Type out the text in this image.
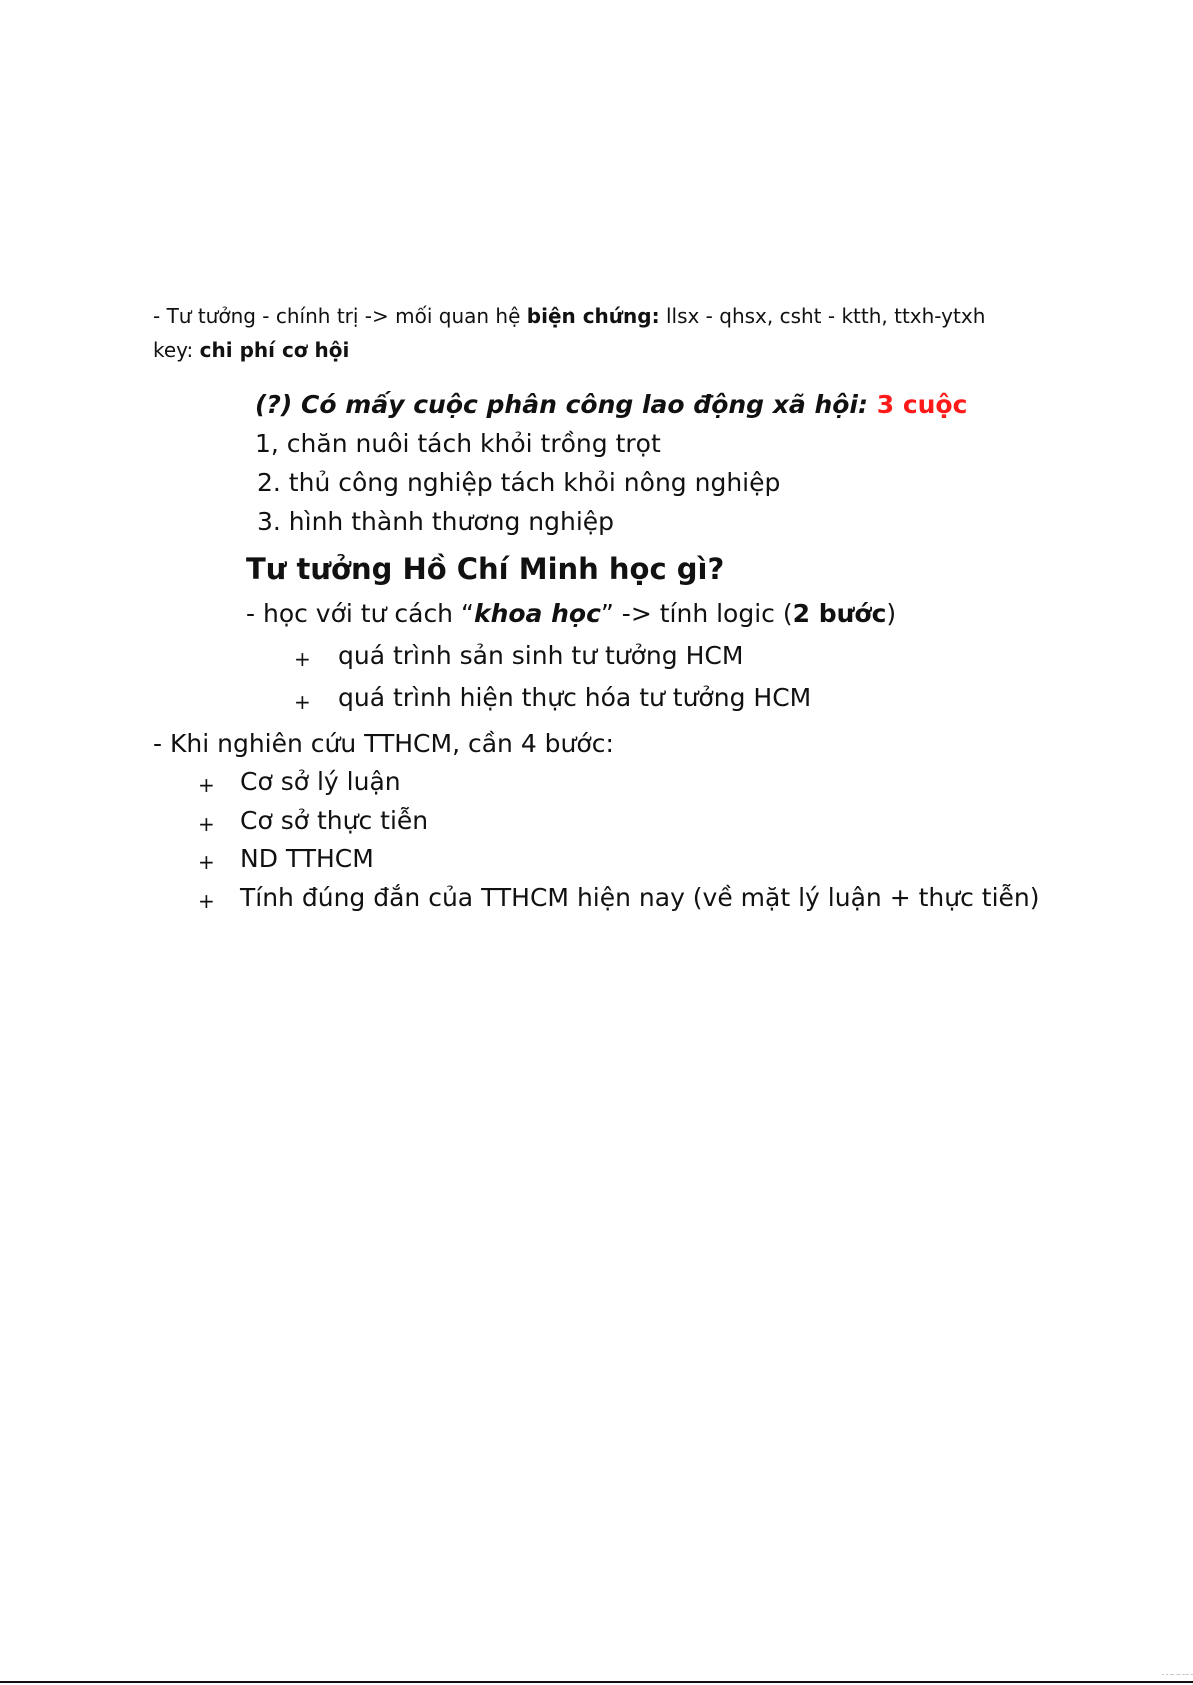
- Tư tưởng - chính trị -> mối quan hệ biện chứng: llsx - qhsx, csht - ktth, ttxh-ytxh
key: chi phí cơ hội
(?) Có mấy cuộc phân công lao động xã hội: 3 cuộc
1, chăn nuôi tách khỏi trồng trọt
2. thủ công nghiệp tách khỏi nông nghiệp
3. hình thành thương nghiệp
Tư tưởng Hồ Chí Minh học gì?
- học với tư cách “khoa học” -> tính logic (2 bước)
+ quá trình sản sinh tư tưởng HCM
+ quá trình hiện thực hóa tư tưởng HCM
- Khi nghiên cứu TTHCM, cần 4 bước:
+ Cơ sở lý luận
+ Cơ sở thực tiễn
+ ND TTHCM
+ Tính đúng đắn của TTHCM hiện nay (về mặt lý luận + thực tiễn)
- - -- -- --- -
